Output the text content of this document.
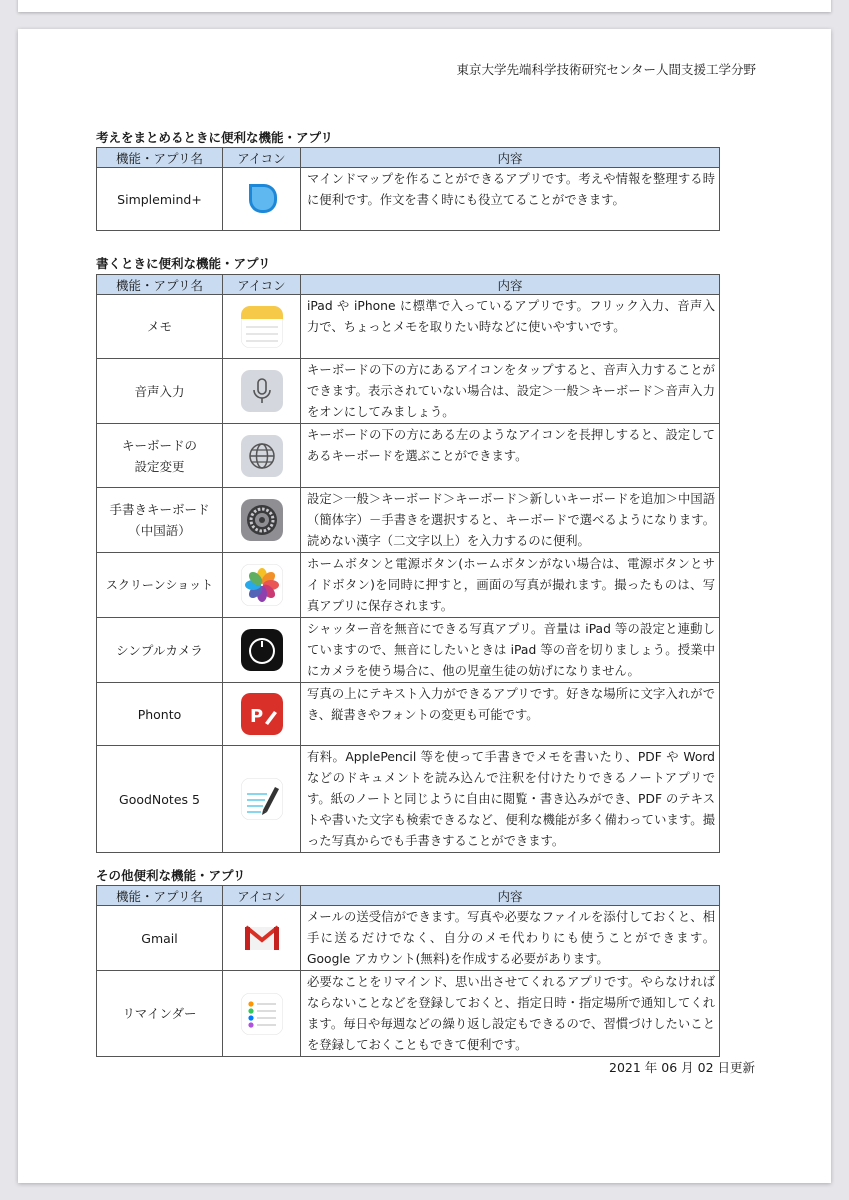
東京大学先端科学技術研究センター人間支援工学分野
考えをまとめるときに便利な機能・アプリ
機能・アプリ名	アイコン	内容
Simplemind+		マインドマップを作ることができるアプリです。考えや情報を整理する時に便利です。作文を書く時にも役立てることができます。
書くときに便利な機能・アプリ
機能・アプリ名	アイコン	内容
メモ		iPad や iPhone に標準で入っているアプリです。フリック入力、音声入力で、ちょっとメモを取りたい時などに使いやすいです。
音声入力		キーボードの下の方にあるアイコンをタップすると、音声入力することができます。表示されていない場合は、設定＞一般＞キーボード＞音声入力をオンにしてみましょう。

キーボードの
設定変更		キーボードの下の方にある左のようなアイコンを長押しすると、設定してあるキーボードを選ぶことができます。

手書きキーボード
（中国語）		設定＞一般＞キーボード＞キーボード＞新しいキーボードを追加＞中国語（簡体字）－手書きを選択すると、キーボードで選べるようになります。読めない漢字（二文字以上）を入力するのに便利。
スクリーンショット		ホームボタンと電源ボタン(ホームボタンがない場合は、電源ボタンとサイドボタン)を同時に押すと，画面の写真が撮れます。撮ったものは、写真アプリに保存されます。
シンプルカメラ		シャッター音を無音にできる写真アプリ。音量は iPad 等の設定と連動していますので、無音にしたいときは iPad 等の音を切りましょう。授業中にカメラを使う場合に、他の児童生徒の妨げになりません。
Phonto	P	写真の上にテキスト入力ができるアプリです。好きな場所に文字入れができ、縦書きやフォントの変更も可能です。
GoodNotes 5		有料。ApplePencil 等を使って手書きでメモを書いたり、PDF や Word などのドキュメントを読み込んで注釈を付けたりできるノートアプリです。紙のノートと同じように自由に閲覧・書き込みができ、PDF のテキストや書いた文字も検索できるなど、便利な機能が多く備わっています。撮った写真からでも手書きすることができます。
その他便利な機能・アプリ
機能・アプリ名	アイコン	内容
Gmail		メールの送受信ができます。写真や必要なファイルを添付しておくと、相手に送るだけでなく、自分のメモ代わりにも使うことができます。Google アカウント(無料)を作成する必要があります。
リマインダー		必要なことをリマインド、思い出させてくれるアプリです。やらなければならないことなどを登録しておくと、指定日時・指定場所で通知してくれます。毎日や毎週などの繰り返し設定もできるので、習慣づけしたいことを登録しておくこともできて便利です。
2021 年 06 月 02 日更新
